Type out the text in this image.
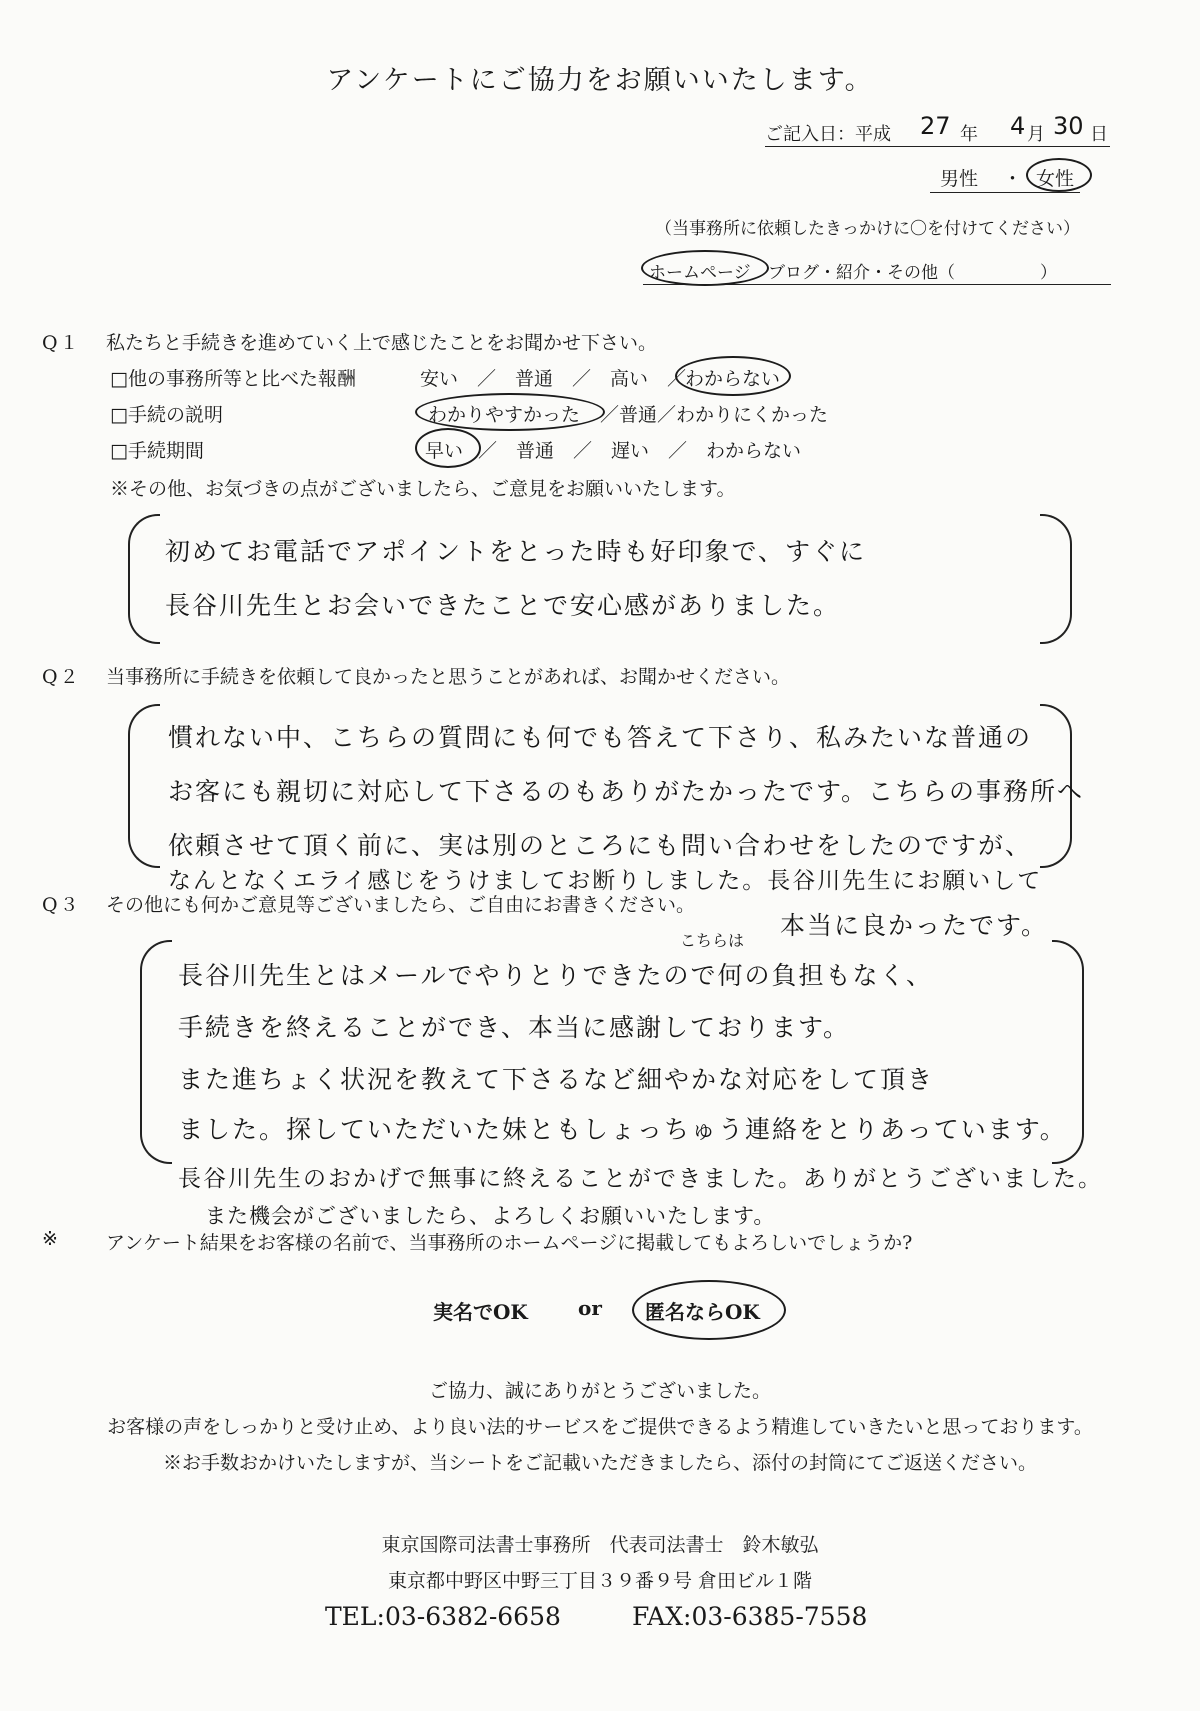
アンケートにご協力をお願いいたします。
ご記入日：平成 27 年 4 月 30 日
男性 ・ 女性
（当事務所に依頼したきっかけに〇を付けてください）
ホームページ ブログ・紹介・その他（　　　　　）
Q１ 私たちと手続きを進めていく上で感じたことをお聞かせ下さい。
□他の事務所等と比べた報酬	安い　／　普通　／　高い　／
わからない
□手続の説明	わかりやすかった ／普通／わかりにくかった
□手続期間	早い ／　普通　／　遅い　／　わからない
※その他、お気づきの点がございましたら、ご意見をお願いいたします。
初めてお電話でアポイントをとった時も好印象で、すぐに
長谷川先生とお会いできたことで安心感がありました。
Q２ 当事務所に手続きを依頼して良かったと思うことがあれば、お聞かせください。
慣れない中、こちらの質問にも何でも答えて下さり、私みたいな普通の
お客にも親切に対応して下さるのもありがたかったです。こちらの事務所へ
依頼させて頂く前に、実は別のところにも問い合わせをしたのですが、
なんとなくエライ感じをうけましてお断りしました。長谷川先生にお願いして
本当に良かったです。
Q３ その他にも何かご意見等ございましたら、ご自由にお書きください。
こちらは
長谷川先生とはメールでやりとりできたので何の負担もなく、
手続きを終えることができ、本当に感謝しております。
また進ちょく状況を教えて下さるなど細やかな対応をして頂き
ました。探していただいた妹ともしょっちゅう連絡をとりあっています。
長谷川先生のおかげで無事に終えることができました。ありがとうございました。
また機会がございましたら、よろしくお願いいたします。
※	アンケート結果をお客様の名前で、当事務所のホームページに掲載してもよろしいでしょうか?
実名でOK	or 匿名ならOK
ご協力、誠にありがとうございました。
お客様の声をしっかりと受け止め、より良い法的サービスをご提供できるよう精進していきたいと思っております。
※お手数おかけいたしますが、当シートをご記載いただきましたら、添付の封筒にてご返送ください。
東京国際司法書士事務所　代表司法書士　鈴木敏弘
東京都中野区中野三丁目３９番９号 倉田ビル１階
TEL:03-6382-6658	FAX:03-6385-7558
